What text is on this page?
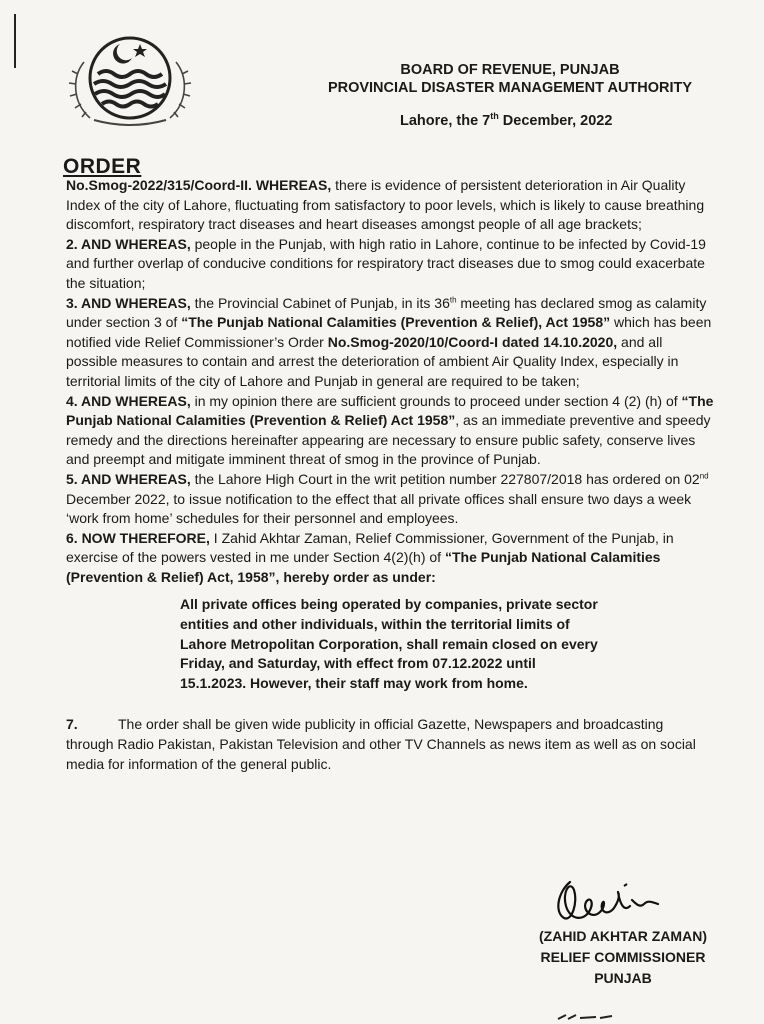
BOARD OF REVENUE, PUNJAB
PROVINCIAL DISASTER MANAGEMENT AUTHORITY
Lahore, the 7th December, 2022
ORDER

No.Smog-2022/315/Coord-II. WHEREAS, there is evidence of persistent deterioration in Air Quality Index of the city of Lahore, fluctuating from satisfactory to poor levels, which is likely to cause breathing discomfort, respiratory tract diseases and heart diseases amongst people of all age brackets;

2. AND WHEREAS, people in the Punjab, with high ratio in Lahore, continue to be infected by Covid-19 and further overlap of conducive conditions for respiratory tract diseases due to smog could exacerbate the situation;

3. AND WHEREAS, the Provincial Cabinet of Punjab, in its 36th meeting has declared smog as calamity under section 3 of “The Punjab National Calamities (Prevention & Relief), Act 1958” which has been notified vide Relief Commissioner’s Order No.Smog-2020/10/Coord-I dated 14.10.2020, and all possible measures to contain and arrest the deterioration of ambient Air Quality Index, especially in territorial limits of the city of Lahore and Punjab in general are required to be taken;

4. AND WHEREAS, in my opinion there are sufficient grounds to proceed under section 4 (2) (h) of “The Punjab National Calamities (Prevention & Relief) Act 1958”, as an immediate preventive and speedy remedy and the directions hereinafter appearing are necessary to ensure public safety, conserve lives and preempt and mitigate imminent threat of smog in the province of Punjab.

5. AND WHEREAS, the Lahore High Court in the writ petition number 227807/2018 has ordered on 02nd December 2022, to issue notification to the effect that all private offices shall ensure two days a week ‘work from home’ schedules for their personnel and employees.

6. NOW THEREFORE, I Zahid Akhtar Zaman, Relief Commissioner, Government of the Punjab, in exercise of the powers vested in me under Section 4(2)(h) of “The Punjab National Calamities (Prevention & Relief) Act, 1958”, hereby order as under:

All private offices being operated by companies, private sector entities and other individuals, within the territorial limits of Lahore Metropolitan Corporation, shall remain closed on every Friday, and Saturday, with effect from 07.12.2022 until 15.1.2023. However, their staff may work from home.

7.	The order shall be given wide publicity in official Gazette, Newspapers and broadcasting through Radio Pakistan, Pakistan Television and other TV Channels as news item as well as on social media for information of the general public.

(ZAHID AKHTAR ZAMAN)
RELIEF COMMISSIONER
PUNJAB
